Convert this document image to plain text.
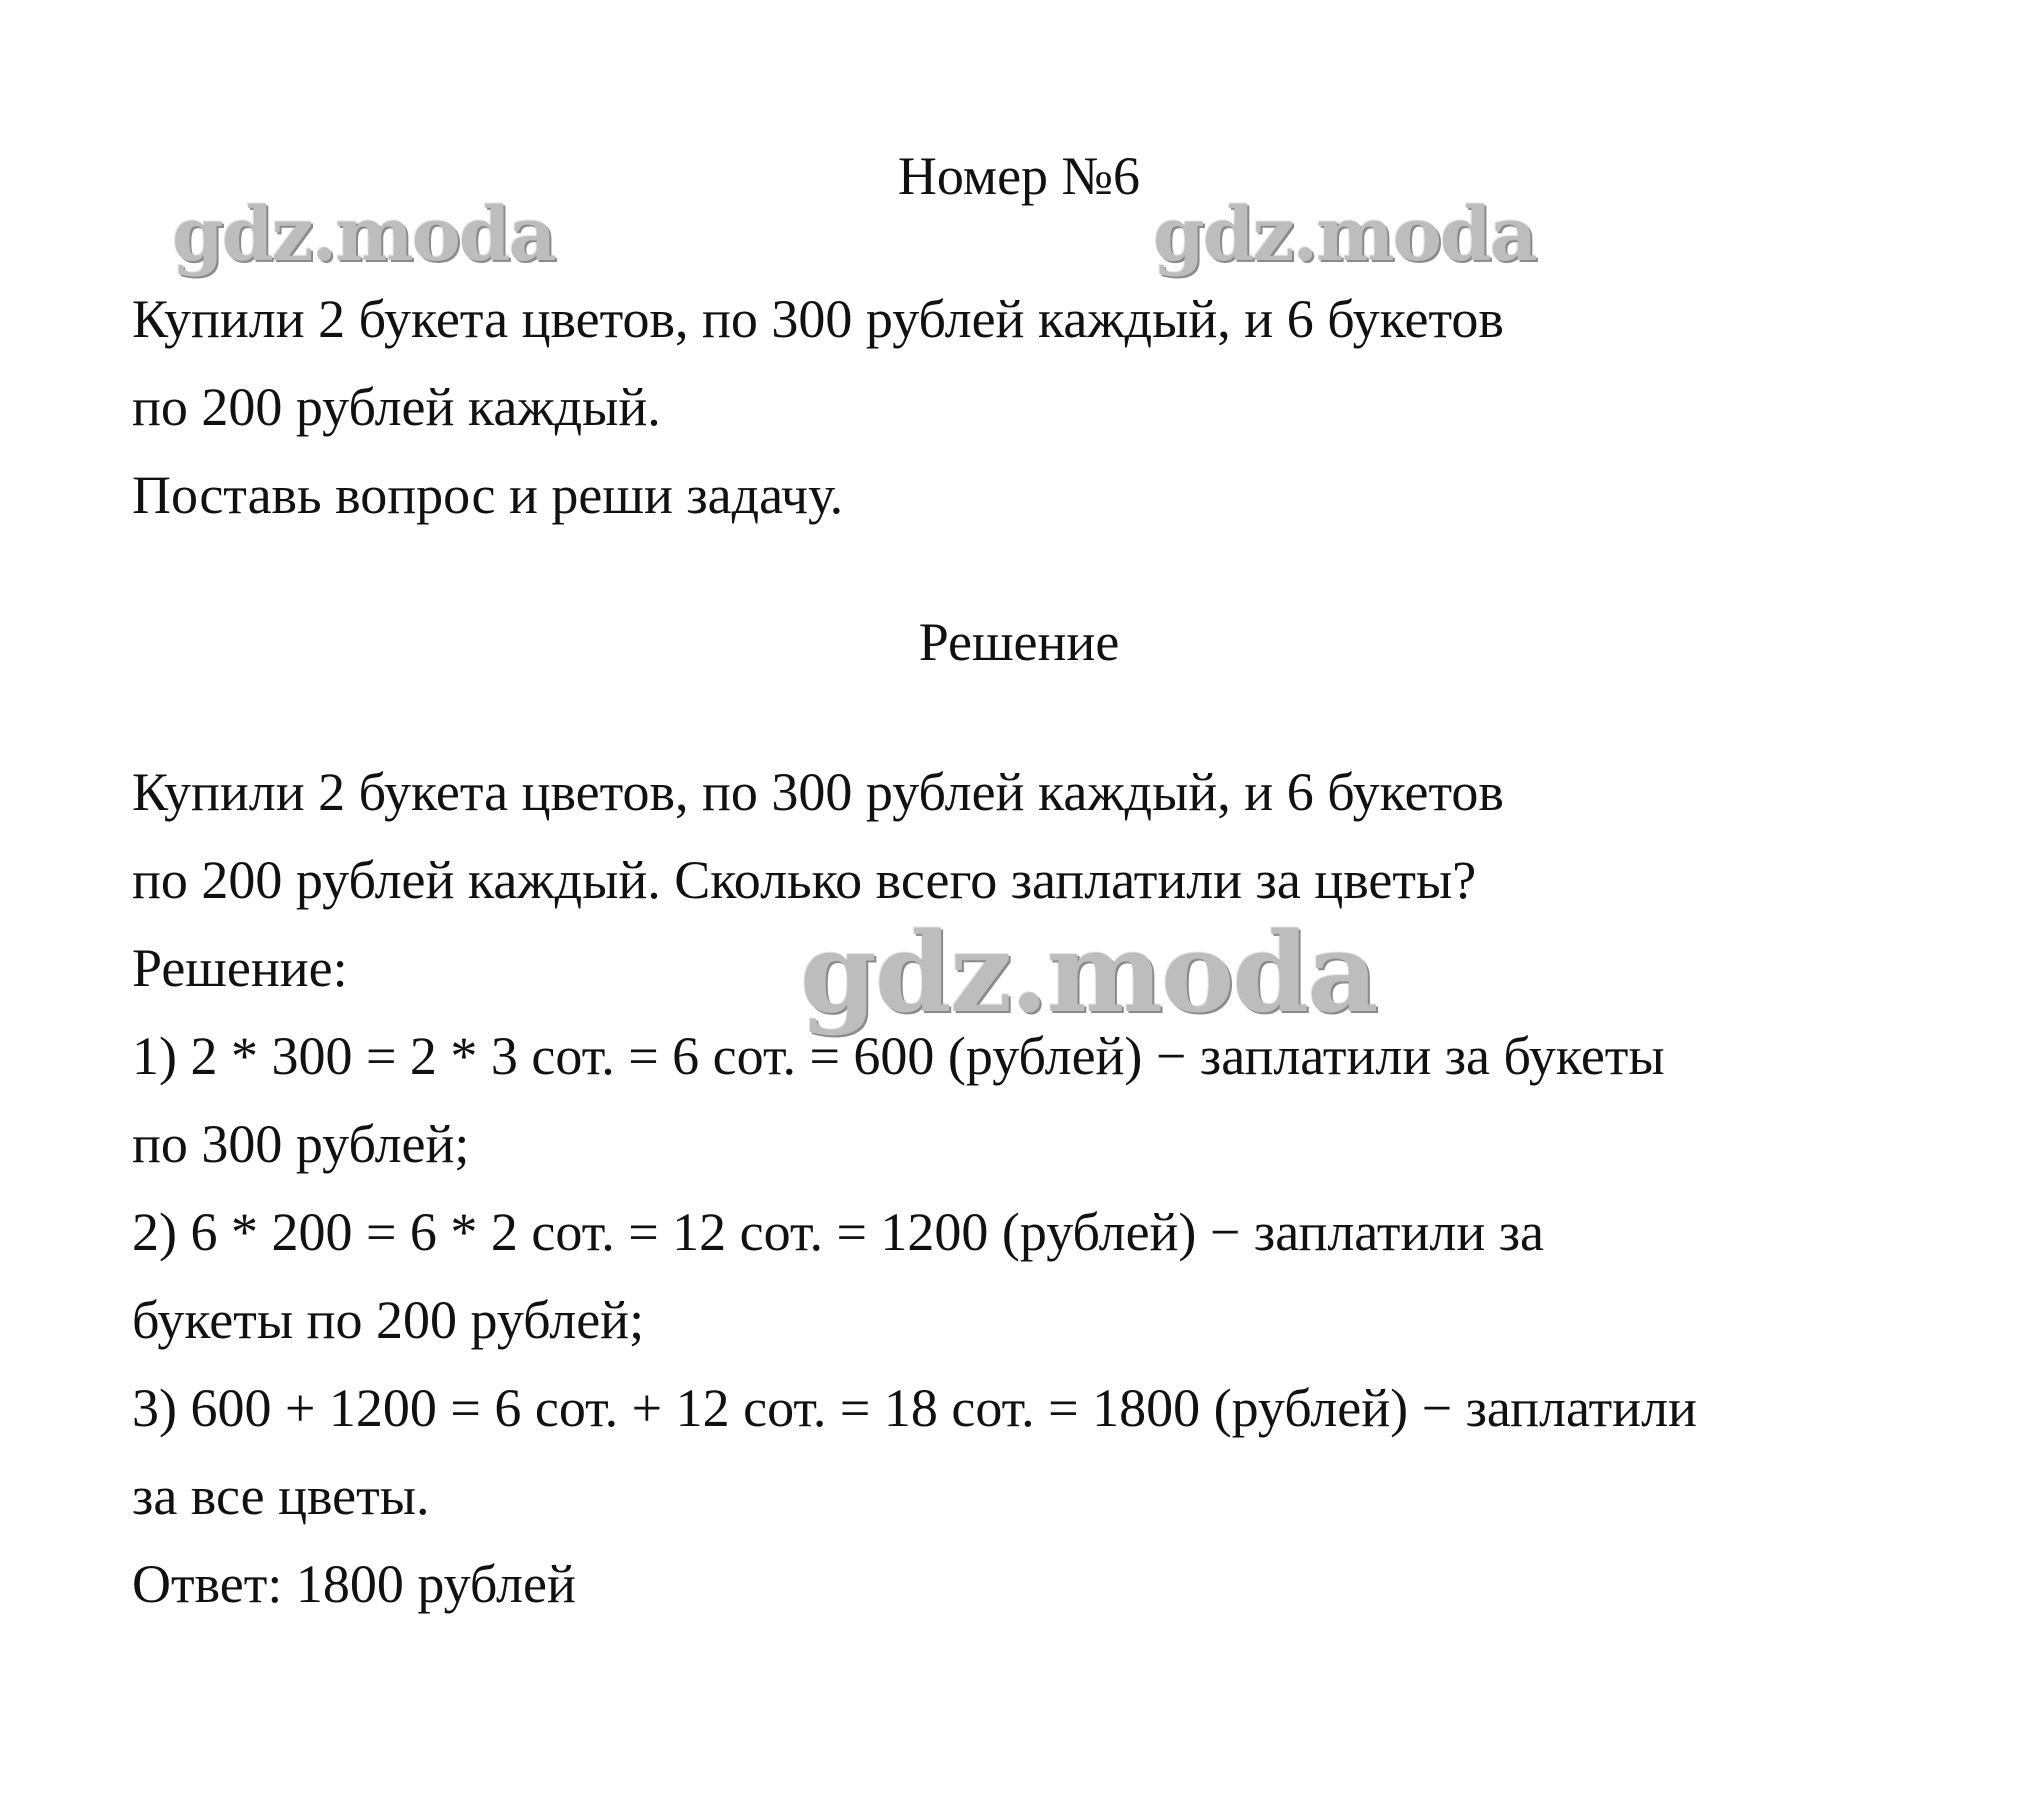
Номер №6
gdz.moda	gdz.moda
Купили 2 букета цветов, по 300 рублей каждый, и 6 букетов
по 200 рублей каждый.
Поставь вопрос и реши задачу.
Решение
Купили 2 букета цветов, по 300 рублей каждый, и 6 букетов
по 200 рублей каждый. Сколько всего заплатили за цветы?
Решение:
1) 2 * 300 = 2 * 3 сот. = 6 сот. = 600 (рублей) − заплатили за букеты
по 300 рублей;
2) 6 * 200 = 6 * 2 сот. = 12 сот. = 1200 (рублей) − заплатили за
букеты по 200 рублей;
3) 600 + 1200 = 6 сот. + 12 сот. = 18 сот. = 1800 (рублей) − заплатили
за все цветы.
Ответ: 1800 рублей
gdz.moda
